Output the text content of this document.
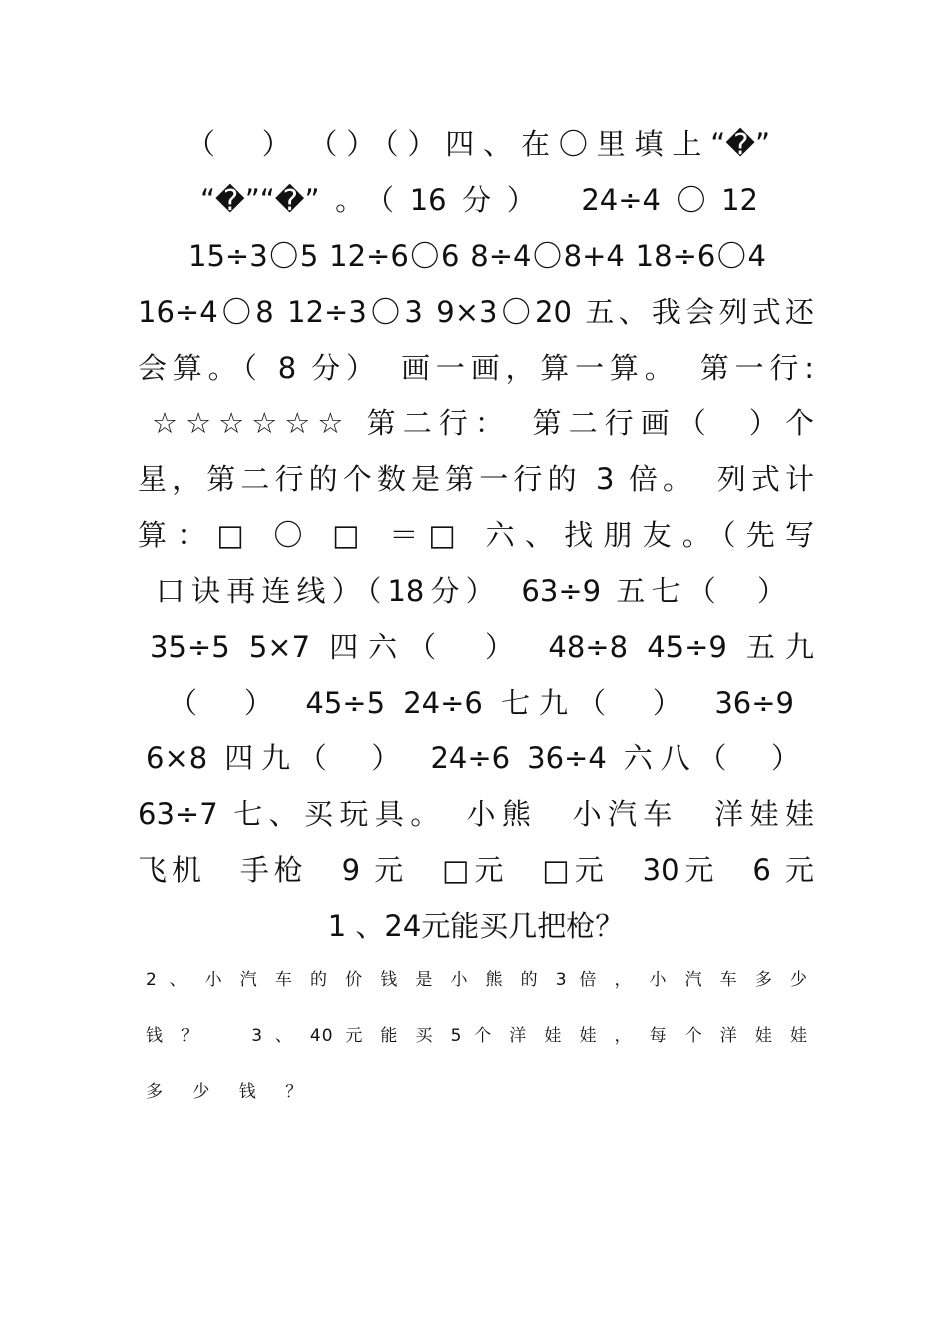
（　）　（）（）四、在〇里填上“�”
“�”“�”。（16分）　24÷4〇12
15÷3〇5 12÷6〇6 8÷4〇8+4 18÷6〇4
16÷4〇8 12÷3〇3 9×3〇20 五、我会列式还
会算。（ 8 分）　画一画，算一算。　第一行:
☆☆☆☆☆☆ 第二行：　第二行画（　）个
星，第二行的个数是第一行的 3 倍。　列式计
算：□ 〇 □ ＝□ 六、找朋友。（先写
口诀再连线）（18分）　63÷9 五七（　）
35÷5 5×7 四六（　）　48÷8 45÷9 五九
（　）　45÷5 24÷6 七九（　）　36÷9
6×8 四九（　）　24÷6 36÷4 六八（　）
63÷7 七、买玩具。　小熊　小汽车　洋娃娃
飞机　手枪　9 元　□元　□元　30元　6 元
1 、24元能买几把枪？
2 、 小 汽 车 的 价 钱 是 小 熊 的 3 倍 ， 小 汽 车 多 少
钱 ？ 　 3 、 40 元 能 买 5 个 洋 娃 娃 ， 每 个 洋 娃 娃
多 少 钱 ？
